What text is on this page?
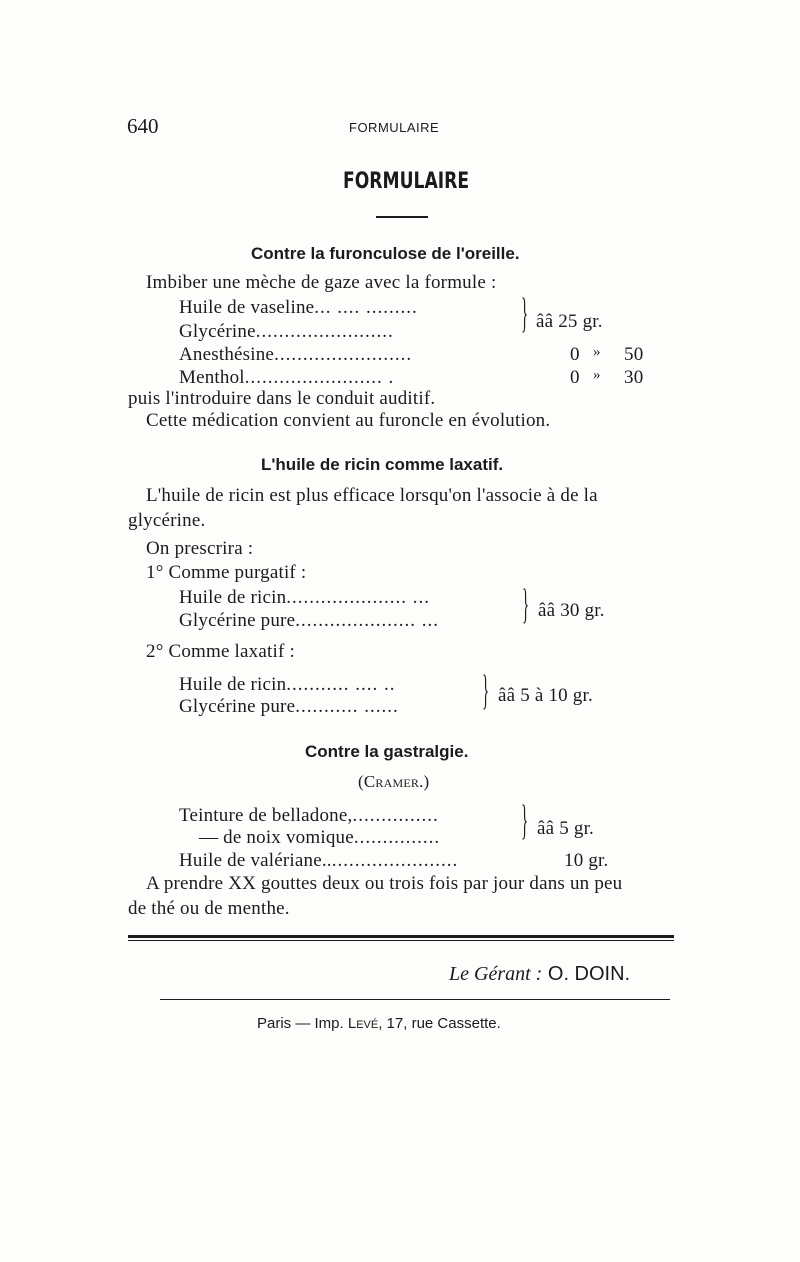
640	FORMULAIRE
FORMULAIRE
Contre la furonculose de l'oreille.
Imbiber une mèche de gaze avec la formule :
Huile de vaseline... .... .........
Glycérine........................	} ââ 25 gr.
Anesthésine........................	0 » 50
Menthol........................ .	0 » 30
puis l'introduire dans le conduit auditif.
Cette médication convient au furoncle en évolution.
L'huile de ricin comme laxatif.
L'huile de ricin est plus efficace lorsqu'on l'associe à de la
glycérine.
On prescrira :
1° Comme purgatif :
Huile de ricin..................... ...
Glycérine pure..................... ... } ââ 30 gr.
2° Comme laxatif :
Huile de ricin........... .... ..
Glycérine pure........... ...... } ââ 5 à 10 gr.
Contre la gastralgie.
(Cramer.)
Teinture de belladone,...............
— de noix vomique............... } ââ 5 gr.
Huile de valériane........................	10 gr.
A prendre XX gouttes deux ou trois fois par jour dans un peu
de thé ou de menthe.
Le Gérant : O. DOIN.
Paris — Imp. Levé, 17, rue Cassette.
